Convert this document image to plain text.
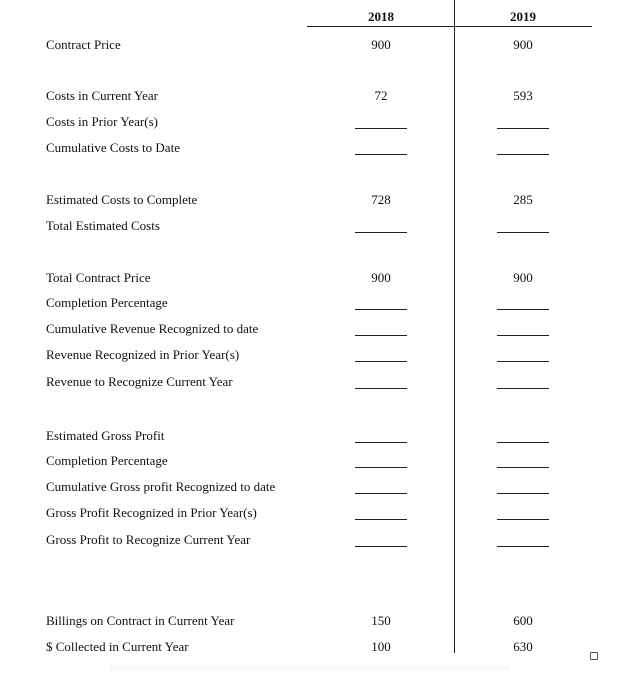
2018	2019
Contract Price	900	900
Costs in Current Year	72	593
Costs in Prior Year(s)
Cumulative Costs to Date
Estimated Costs to Complete	728	285
Total Estimated Costs
Total Contract Price	900	900
Completion Percentage
Cumulative Revenue Recognized to date
Revenue Recognized in Prior Year(s)
Revenue to Recognize Current Year
Estimated Gross Profit
Completion Percentage
Cumulative Gross profit Recognized to date
Gross Profit Recognized in Prior Year(s)
Gross Profit to Recognize Current Year
Billings on Contract in Current Year	150	600
$ Collected in Current Year	100	630
